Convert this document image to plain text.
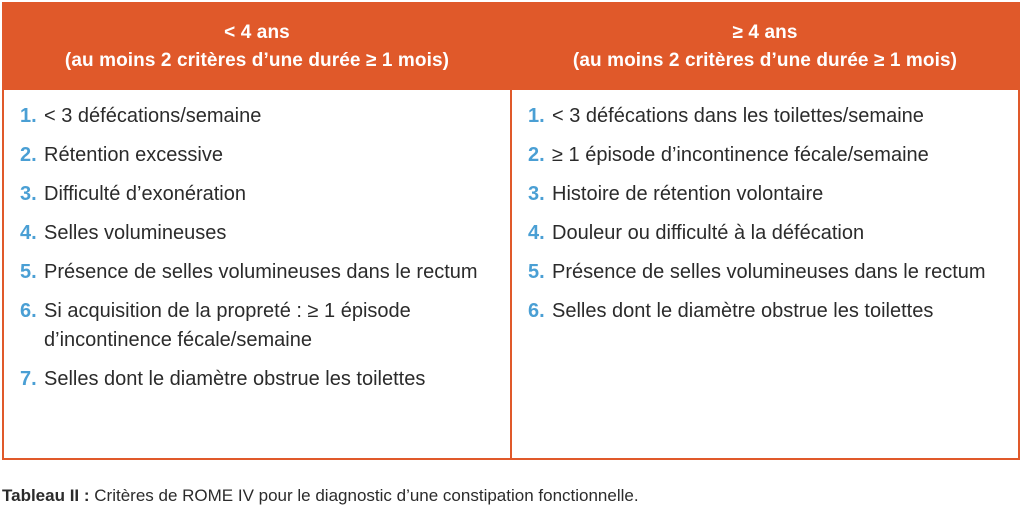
< 4 ans
(au moins 2 critères d’une durée ≥ 1 mois)
1. < 3 défécations/semaine
2. Rétention excessive
3. Difficulté d’exonération
4. Selles volumineuses
5. Présence de selles volumineuses dans le rectum
6. Si acquisition de la propreté : ≥ 1 épisode d’incontinence fécale/semaine
7. Selles dont le diamètre obstrue les toilettes
≥ 4 ans
(au moins 2 critères d’une durée ≥ 1 mois)
1. < 3 défécations dans les toilettes/semaine
2. ≥ 1 épisode d’incontinence fécale/semaine
3. Histoire de rétention volontaire
4. Douleur ou difficulté à la défécation
5. Présence de selles volumineuses dans le rectum
6. Selles dont le diamètre obstrue les toilettes
Tableau II : Critères de ROME IV pour le diagnostic d’une constipation fonctionnelle.
